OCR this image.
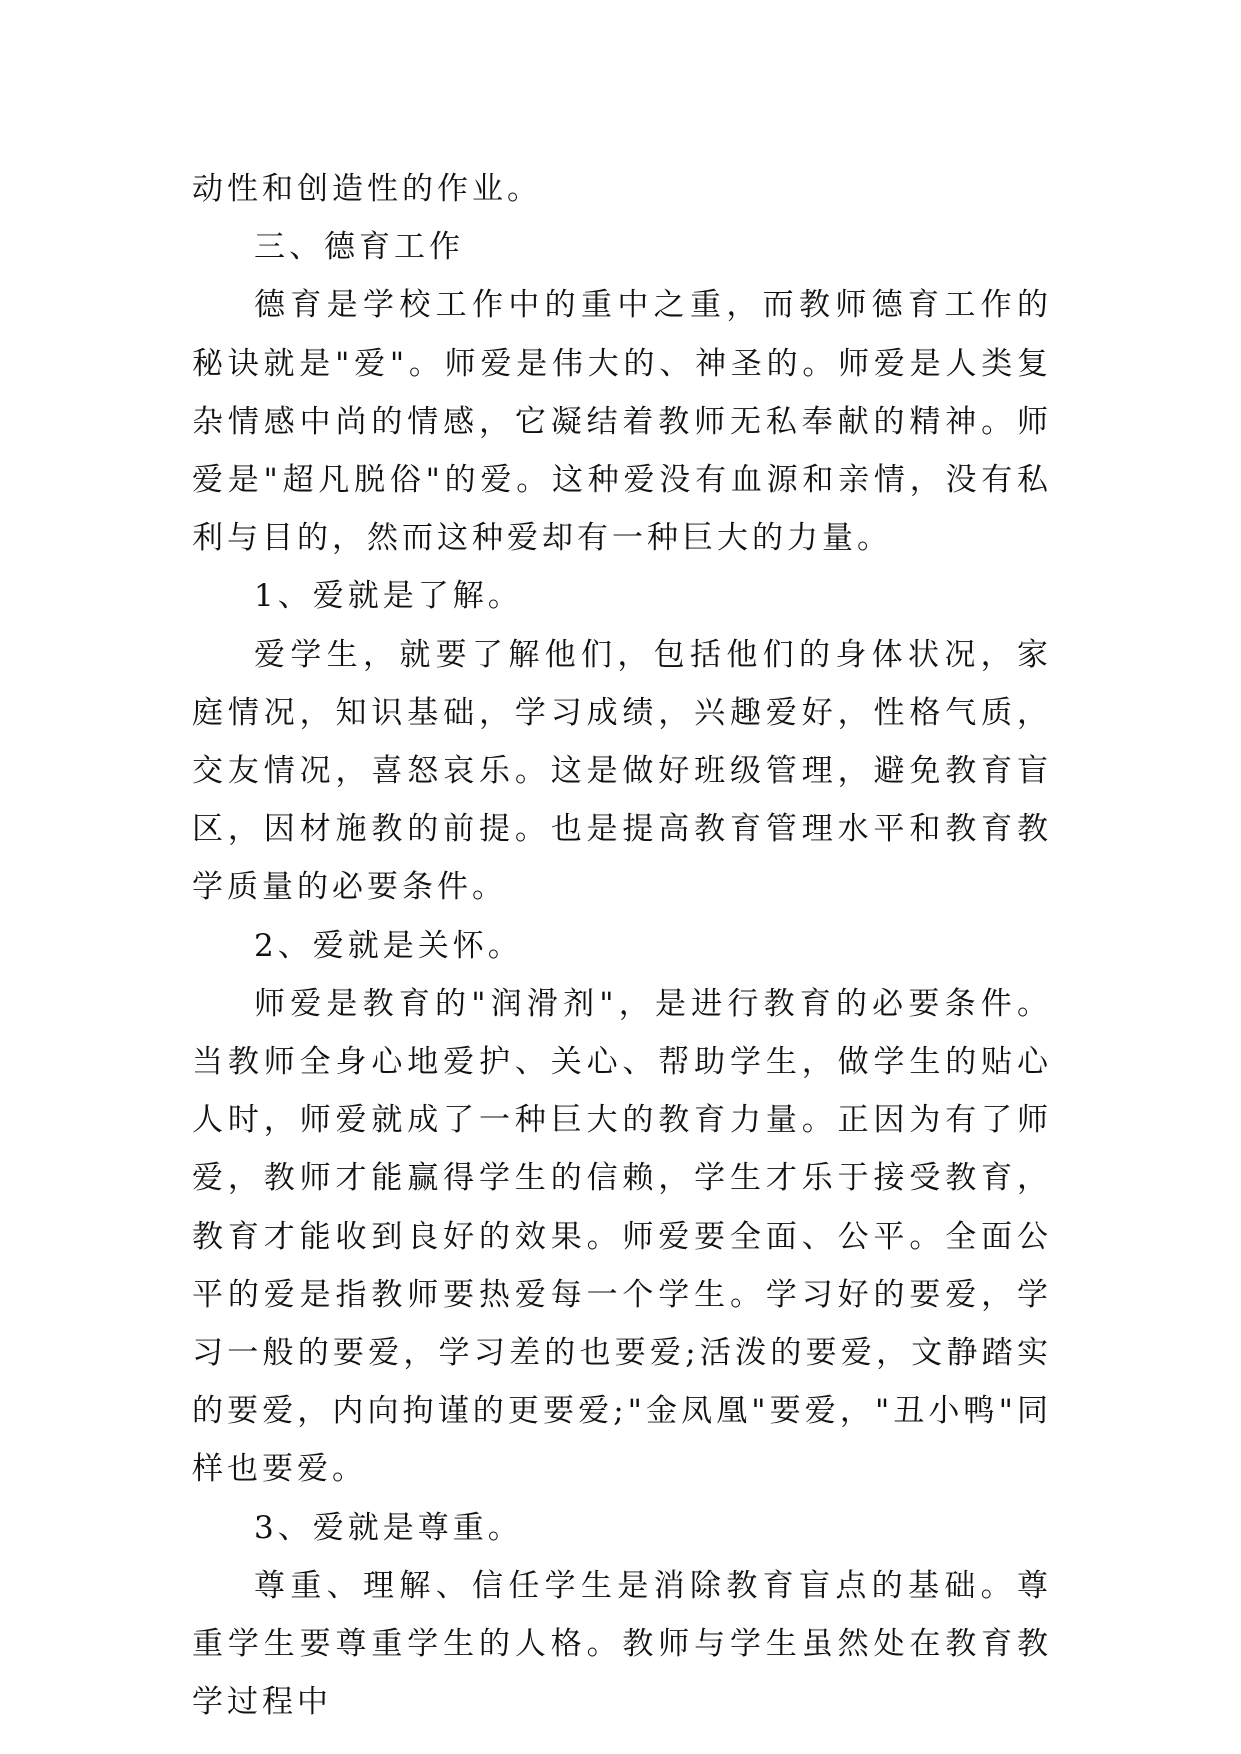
动性和创造性的作业。

三、德育工作

德育是学校工作中的重中之重，而教师德育工作的秘诀就是"爱"。师爱是伟大的、神圣的。师爱是人类复杂情感中尚的情感，它凝结着教师无私奉献的精神。师爱是"超凡脱俗"的爱。这种爱没有血源和亲情，没有私利与目的，然而这种爱却有一种巨大的力量。

1、爱就是了解。

爱学生，就要了解他们，包括他们的身体状况，家庭情况，知识基础，学习成绩，兴趣爱好，性格气质，交友情况，喜怒哀乐。这是做好班级管理，避免教育盲区，因材施教的前提。也是提高教育管理水平和教育教学质量的必要条件。

2、爱就是关怀。

师爱是教育的"润滑剂"，是进行教育的必要条件。当教师全身心地爱护、关心、帮助学生，做学生的贴心人时，师爱就成了一种巨大的教育力量。正因为有了师爱，教师才能赢得学生的信赖，学生才乐于接受教育，教育才能收到良好的效果。师爱要全面、公平。全面公平的爱是指教师要热爱每一个学生。学习好的要爱，学习一般的要爱，学习差的也要爱;活泼的要爱，文静踏实的要爱，内向拘谨的更要爱;"金凤凰"要爱，"丑小鸭"同样也要爱。

3、爱就是尊重。

尊重、理解、信任学生是消除教育盲点的基础。尊重学生要尊重学生的人格。教师与学生虽然处在教育教学过程中
